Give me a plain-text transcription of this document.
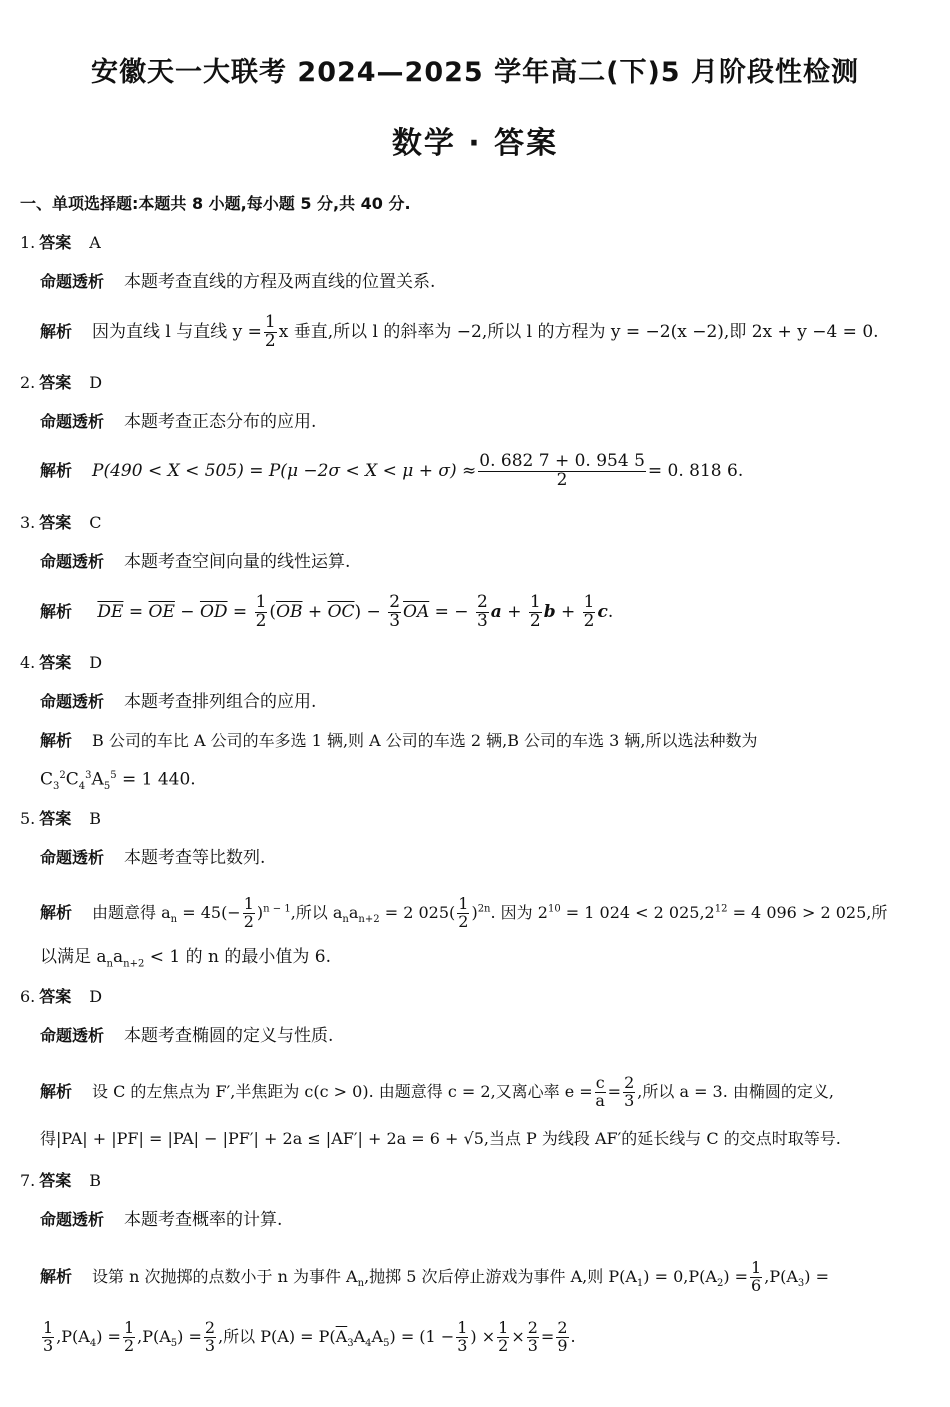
安徽天一大联考 2024—2025 学年高二(下)5 月阶段性检测
数学 · 答案
一、单项选择题:本题共 8 小题,每小题 5 分,共 40 分.
1. 答案 A
命题透析 本题考查直线的方程及两直线的位置关系.
解析 因为直线 l 与直线 $y = \frac{1}{2}$ x 垂直,所以 l 的斜率为 −2,所以 l 的方程为 y = −2(x −2),即 2x + y −4 = 0.
2. 答案 D
命题透析 本题考查正态分布的应用.
解析 $P(490 < X < 505) = P(\mu -2\sigma < X < \mu + \sigma) \approx \frac{0. 682 7 + 0. 954 5}{2} = 0$. 818 6.
3. 答案 C
命题透析 本题考查空间向量的线性运算.
解析 $\overline{DE} = \overline{OE} - \overline{OD} = \frac{1}{2} (\overline{OB} + \overline{OC}) - \frac{2}{3} \overline{OA}$ = − $\frac{2}{3}$ $a + \frac{1}{2}$ $b + \frac{1}{2} c$.
4. 答案 D
命题透析 本题考查排列组合的应用.
解析 B 公司的车比 A 公司的车多选 1 辆,则 A 公司的车选 2 辆,B 公司的车选 3 辆,所以选法种数为
$C_3^2C_4^3A_5^5 = 1$ 440.
5. 答案 B
命题透析 本题考查等比数列.
解析 由题意得 $a_n = 45(- \frac{1}{2} )^{n - 1}$,所以 $a_na_{n+2} = 2$ $025( \frac{1}{2} )^{2n}$. 因为 $2^{10} = 1$ 024 < 2 $025,2^{12} = 4$ 096 > 2 025,所
以满足 $a_na_{n+2} < 1$ 的 n 的最小值为 6.
6. 答案 D
命题透析 本题考查椭圆的定义与性质.
解析 设 C 的左焦点为 F′,半焦距为 c(c > 0). 由题意得 c = 2,又离心率 $e = \frac{c}{a} = \frac{2}{3}$ ,所以 a = 3. 由椭圆的定义,
得|PA| + |PF| = |PA| − |PF′| + 2a ≤ |AF′| + 2a = 6 + √5,当点 P 为线段 AF′的延长线与 C 的交点时取等号.
7. 答案 B
命题透析 本题考查概率的计算.
解析 设第 n 次抛掷的点数小于 n 为事件 $A_n$,抛掷 5 次后停止游戏为事件 A,则 $P(A_1) = 0,P(A_2) = \frac{1}{6} ,P(A_3)$ =
$\frac{1}{3} ,P(A_4) = \frac{1}{2} ,P(A_5) = \frac{2}{3}$ ,所以 $P(A) = P(\overline{A}_3A_4A_5) = (1 - \frac{1}{3}$ ) × $\frac{1}{2} \times \frac{2}{3} = \frac{2}{9}$ .
